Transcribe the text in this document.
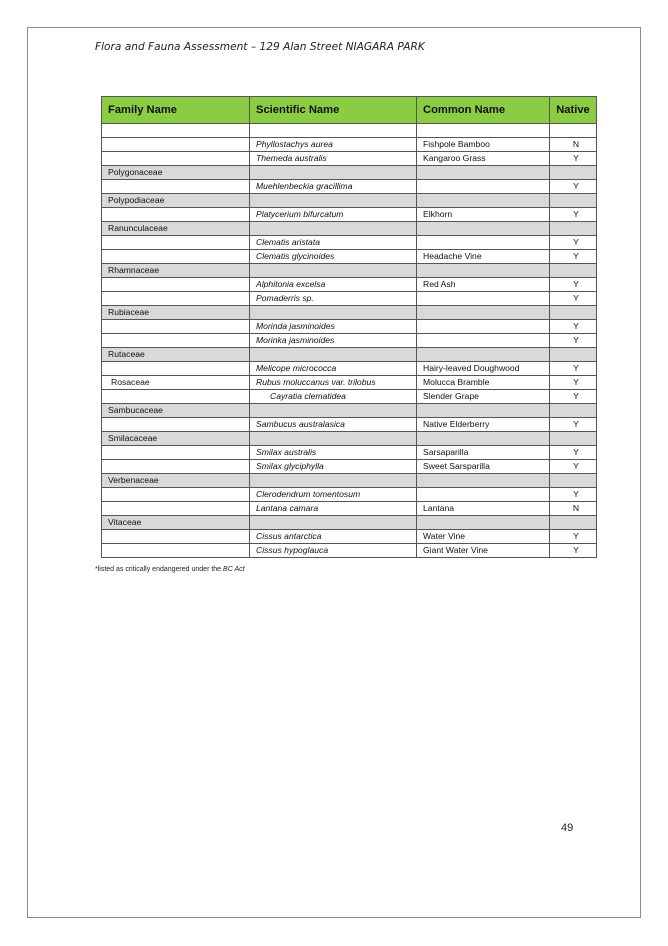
Flora and Fauna Assessment – 129 Alan Street NIAGARA PARK
Family Name	Scientific Name	Common Name	Native

	Phyllostachys aurea	Fishpole Bamboo	N
	Themeda australis	Kangaroo Grass	Y
Polygonaceae			
	Muehlenbeckia gracillima		Y
Polypodiaceae			
	Platycerium bifurcatum	Elkhorn	Y
Ranunculaceae			
	Clematis aristata		Y
	Clematis glycinoides	Headache Vine	Y
Rhamnaceae			
	Alphitonia excelsa	Red Ash	Y
	Pomaderris sp.		Y
Rubiaceae			
	Morinda jasminoides		Y
	Morinka jasminoides		Y
Rutaceae			
	Melicope micrococca	Hairy-leaved Doughwood	Y
Rosaceae	Rubus moluccanus var. trilobus	Molucca Bramble	Y
	Cayratia clematidea	Slender Grape	Y
Sambucaceae			
	Sambucus australasica	Native Elderberry	Y
Smilacaceae			
	Smilax australis	Sarsaparilla	Y
	Smilax glyciphylla	Sweet Sarsparilla	Y
Verbenaceae			
	Clerodendrum tomentosum		Y
	Lantana camara	Lantana	N
Vitaceae			
	Cissus antarctica	Water Vine	Y
	Cissus hypoglauca	Giant Water Vine	Y
*listed as critically endangered under the BC Act
49
